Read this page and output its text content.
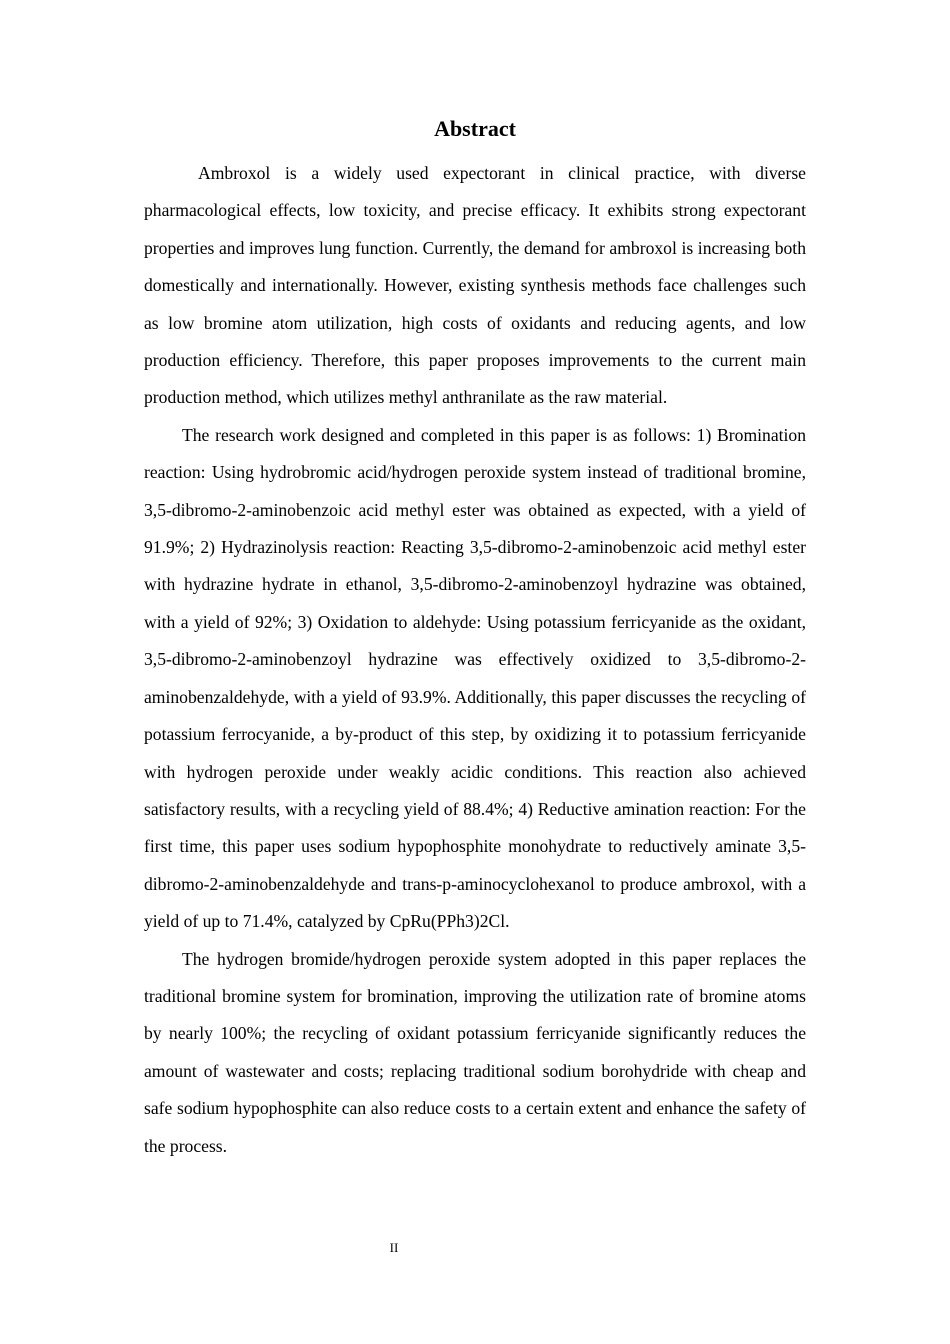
Abstract

Ambroxol is a widely used expectorant in clinical practice, with diverse pharmacological effects, low toxicity, and precise efficacy. It exhibits strong expectorant properties and improves lung function. Currently, the demand for ambroxol is increasing both domestically and internationally. However, existing synthesis methods face challenges such as low bromine atom utilization, high costs of oxidants and reducing agents, and low production efficiency. Therefore, this paper proposes improvements to the current main production method, which utilizes methyl anthranilate as the raw material.

The research work designed and completed in this paper is as follows: 1) Bromination reaction: Using hydrobromic acid/hydrogen peroxide system instead of traditional bromine, 3,5-dibromo-2-aminobenzoic acid methyl ester was obtained as expected, with a yield of 91.9%; 2) Hydrazinolysis reaction: Reacting 3,5-dibromo-2-aminobenzoic acid methyl ester with hydrazine hydrate in ethanol, 3,5-dibromo-2-aminobenzoyl hydrazine was obtained, with a yield of 92%; 3) Oxidation to aldehyde: Using potassium ferricyanide as the oxidant, 3,5-dibromo-2-aminobenzoyl hydrazine was effectively oxidized to 3,5-dibromo-2-aminobenzaldehyde, with a yield of 93.9%. Additionally, this paper discusses the recycling of potassium ferrocyanide, a by-product of this step, by oxidizing it to potassium ferricyanide with hydrogen peroxide under weakly acidic conditions. This reaction also achieved satisfactory results, with a recycling yield of 88.4%; 4) Reductive amination reaction: For the first time, this paper uses sodium hypophosphite monohydrate to reductively aminate 3,5-dibromo-2-aminobenzaldehyde and trans-p-aminocyclohexanol to produce ambroxol, with a yield of up to 71.4%, catalyzed by CpRu(PPh3)2Cl.

The hydrogen bromide/hydrogen peroxide system adopted in this paper replaces the traditional bromine system for bromination, improving the utilization rate of bromine atoms by nearly 100%; the recycling of oxidant potassium ferricyanide significantly reduces the amount of wastewater and costs; replacing traditional sodium borohydride with cheap and safe sodium hypophosphite can also reduce costs to a certain extent and enhance the safety of the process.

II
